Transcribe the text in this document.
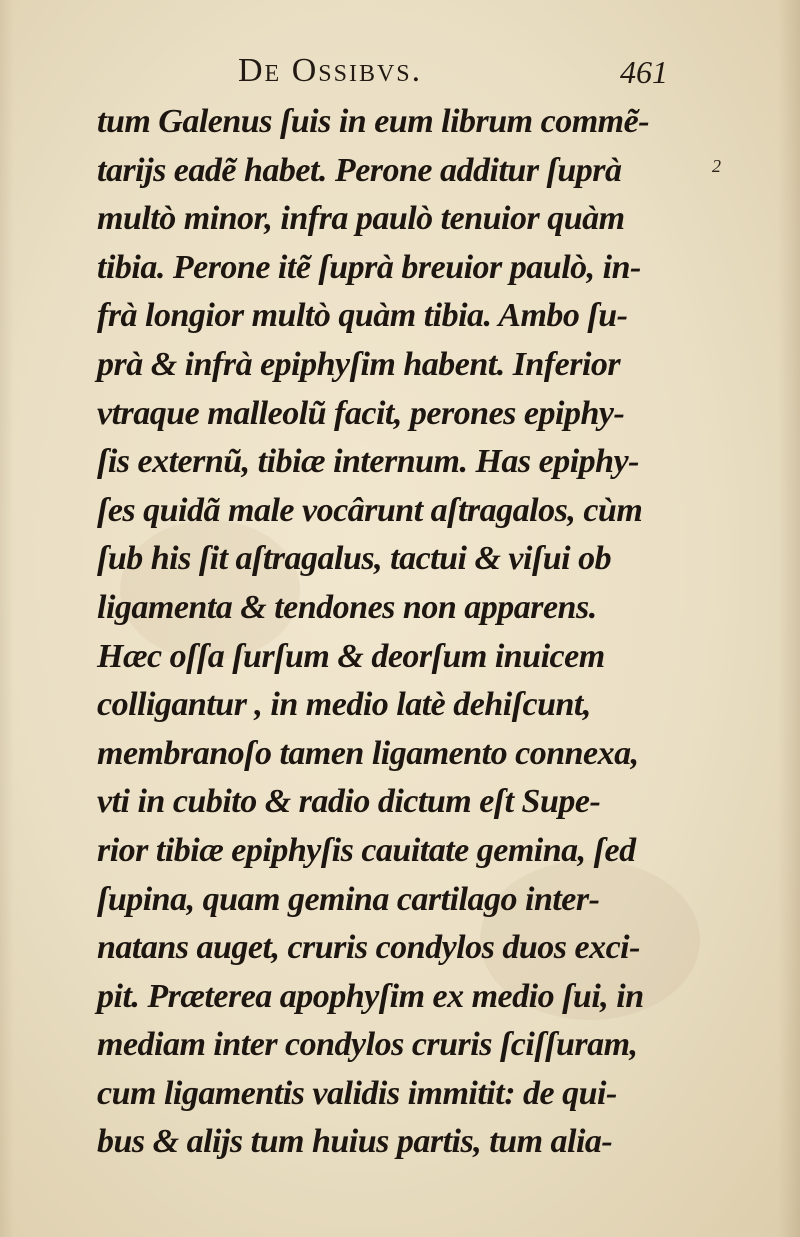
De Ossibvs.	461
2
tum Galenus ſuis in eum librum commẽ-
tarijs eadẽ habet. Perone additur ſuprà
multò minor, infra paulò tenuior quàm
tibia. Perone itẽ ſuprà breuior paulò, in-
frà longior multò quàm tibia. Ambo ſu-
prà & infrà epiphyſim habent. Inferior
vtraque malleolũ facit, perones epiphy-
ſis externũ, tibiæ internum. Has epiphy-
ſes quidã male vocârunt aſtragalos, cùm
ſub his ſit aſtragalus, tactui & viſui ob
ligamenta & tendones non apparens.
Hæc oſſa ſurſum & deorſum inuicem
colligantur , in medio latè dehiſcunt,
membranoſo tamen ligamento connexa,
vti in cubito & radio dictum eſt Supe-
rior tibiæ epiphyſis cauitate gemina, ſed
ſupina, quam gemina cartilago inter-
natans auget, cruris condylos duos exci-
pit. Præterea apophyſim ex medio ſui, in
mediam inter condylos cruris ſciſſuram,
cum ligamentis validis immitit: de qui-
bus & alijs tum huius partis, tum alia-
